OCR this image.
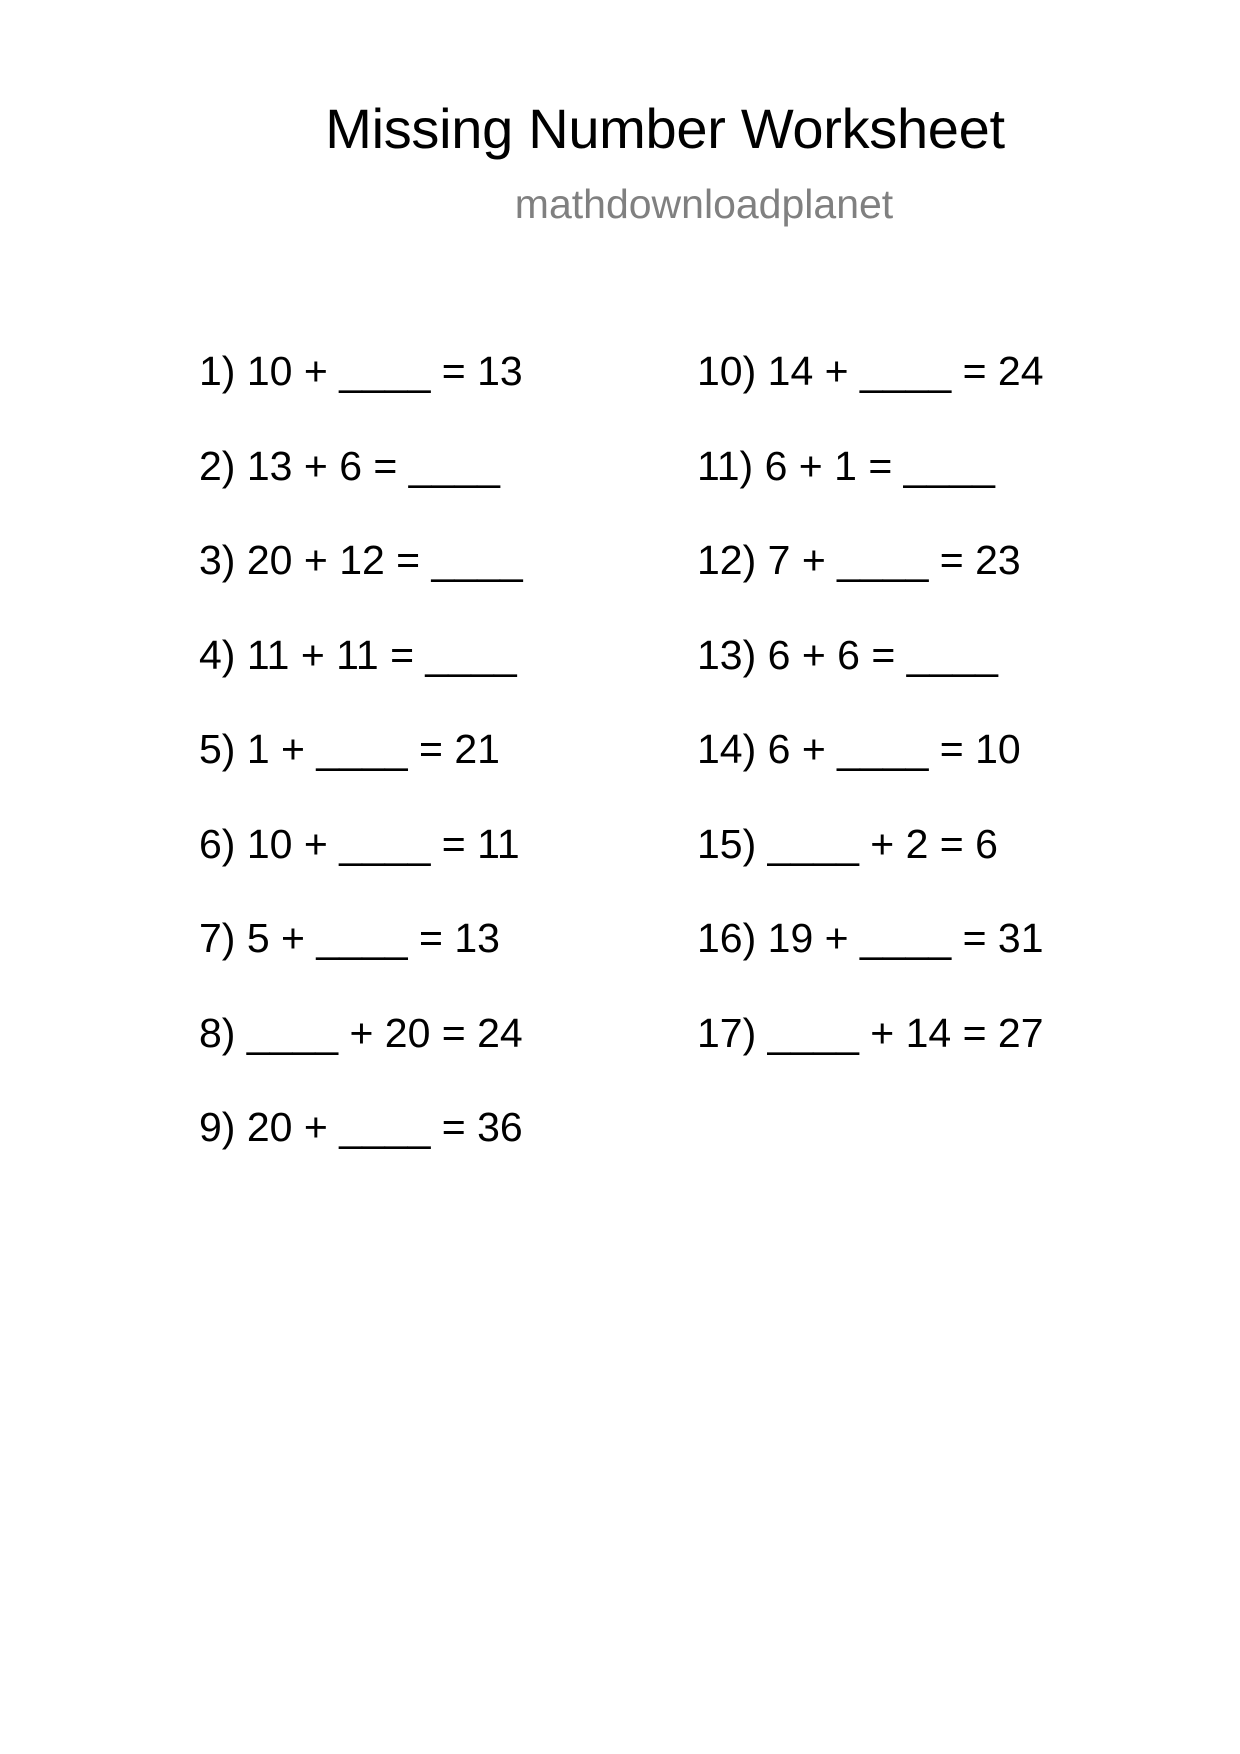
Missing Number Worksheet
mathdownloadplanet
1) 10 + ____ = 13
2) 13 + 6 = ____
3) 20 + 12 = ____
4) 11 + 11 = ____
5) 1 + ____ = 21
6) 10 + ____ = 11
7) 5 + ____ = 13
8) ____ + 20 = 24
9) 20 + ____ = 36
10) 14 + ____ = 24
11) 6 + 1 = ____
12) 7 + ____ = 23
13) 6 + 6 = ____
14) 6 + ____ = 10
15) ____ + 2 = 6
16) 19 + ____ = 31
17) ____ + 14 = 27
